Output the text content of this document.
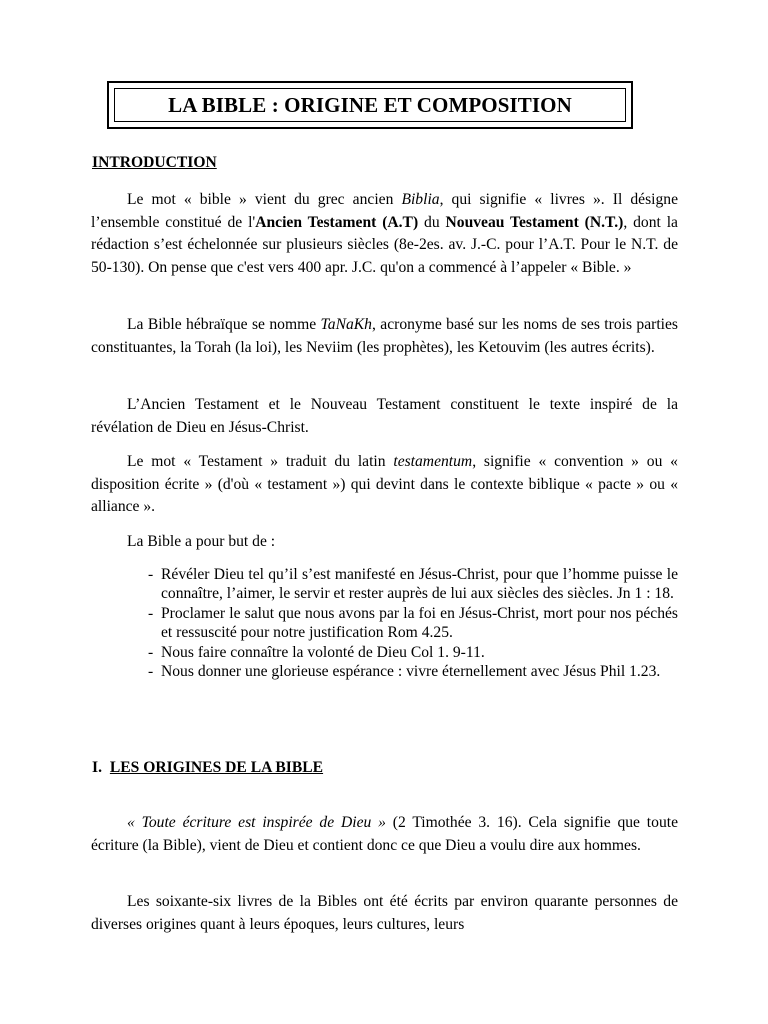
LA BIBLE : ORIGINE ET COMPOSITION
INTRODUCTION

Le mot « bible » vient du grec ancien Biblia, qui signifie « livres ». Il désigne l’ensemble constitué de l'Ancien Testament (A.T) du Nouveau Testament (N.T.), dont la rédaction s’est échelonnée sur plusieurs siècles (8e-2es. av. J.-C. pour l’A.T. Pour le N.T. de 50-130). On pense que c'est vers 400 apr. J.C. qu'on a commencé à l’appeler « Bible. »

La Bible hébraïque se nomme TaNaKh, acronyme basé sur les noms de ses trois parties constituantes, la Torah (la loi), les Neviim (les prophètes), les Ketouvim (les autres écrits).

L’Ancien Testament et le Nouveau Testament constituent le texte inspiré de la révélation de Dieu en Jésus-Christ.

Le mot « Testament » traduit du latin testamentum, signifie « convention » ou « disposition écrite » (d'où « testament ») qui devint dans le contexte biblique « pacte » ou « alliance ».

La Bible a pour but de :

- Révéler Dieu tel qu’il s’est manifesté en Jésus-Christ, pour que l’homme puisse le connaître, l’aimer, le servir et rester auprès de lui aux siècles des siècles. Jn 1 : 18.
- Proclamer le salut que nous avons par la foi en Jésus-Christ, mort pour nos péchés et ressuscité pour notre justification Rom 4.25.
- Nous faire connaître la volonté de Dieu Col 1. 9-11.
- Nous donner une glorieuse espérance : vivre éternellement avec Jésus Phil 1.23.
I. LES ORIGINES DE LA BIBLE

« Toute écriture est inspirée de Dieu » (2 Timothée 3. 16). Cela signifie que toute écriture (la Bible), vient de Dieu et contient donc ce que Dieu a voulu dire aux hommes.

Les soixante-six livres de la Bibles ont été écrits par environ quarante personnes de diverses origines quant à leurs époques, leurs cultures, leurs
